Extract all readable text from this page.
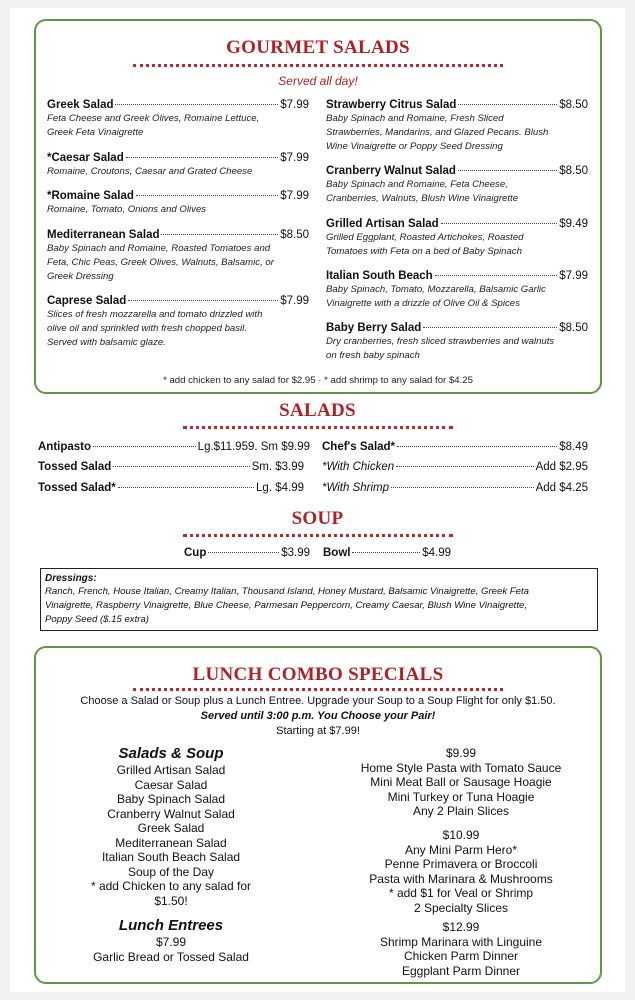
GOURMET SALADS
Served all day!
Greek Salad	$7.99
Feta Cheese and Greek Olives, Romaine Lettuce,
Greek Feta Vinaigrette
*Caesar Salad	$7.99
Romaine, Croutons, Caesar and Grated Cheese
*Romaine Salad	$7.99
Romaine, Tomato, Onions and Olives
Mediterranean Salad	$8.50
Baby Spinach and Romaine, Roasted Tomatoes and
Feta, Chic Peas, Greek Olives, Walnuts, Balsamic, or
Greek Dressing
Caprese Salad	$7.99
Slices of fresh mozzarella and tomato drizzled with
olive oil and sprinkled with fresh chopped basil.
Served with balsamic glaze.
Strawberry Citrus Salad	$8.50
Baby Spinach and Romaine, Fresh Sliced
Strawberries, Mandarins, and Glazed Pecans. Blush
Wine Vinaigrette or Poppy Seed Dressing
Cranberry Walnut Salad	$8.50
Baby Spinach and Romaine, Feta Cheese,
Cranberries, Walnuts, Blush Wine Vinaigrette
Grilled Artisan Salad	$9.49
Grilled Eggplant, Roasted Artichokes, Roasted
Tomatoes with Feta on a bed of Baby Spinach
Italian South Beach	$7.99
Baby Spinach, Tomato, Mozzarella, Balsamic Garlic
Vinaigrette with a drizzle of Olive Oil & Spices
Baby Berry Salad	$8.50
Dry cranberries, fresh sliced strawberries and walnuts
on fresh baby spinach
* add chicken to any salad for $2.95 · * add shrimp to any salad for $4.25
SALADS
Antipasto	Lg.$11.959. Sm $9.99
Tossed Salad	Sm. $3.99
Tossed Salad*	Lg. $4.99
Chef's Salad*	$8.49
*With Chicken	Add $2.95
*With Shrimp	Add $4.25
SOUP
Cup	$3.99 Bowl	$4.99
Dressings:
Ranch, French, House Italian, Creamy Italian, Thousand Island, Honey Mustard, Balsamic Vinaigrette, Greek Feta
Vinaigrette, Raspberry Vinaigrette, Blue Cheese, Parmesan Peppercorn, Creamy Caesar, Blush Wine Vinaigrette,
Poppy Seed ($.15 extra)
LUNCH COMBO SPECIALS
Choose a Salad or Soup plus a Lunch Entree. Upgrade your Soup to a Soup Flight for only $1.50.
Served until 3:00 p.m. You Choose your Pair!
Starting at $7.99!
Salads & Soup
Grilled Artisan Salad
Caesar Salad
Baby Spinach Salad
Cranberry Walnut Salad
Greek Salad
Mediterranean Salad
Italian South Beach Salad
Soup of the Day
* add Chicken to any salad for $1.50!
Lunch Entrees
$7.99
Garlic Bread or Tossed Salad
$9.99
Home Style Pasta with Tomato Sauce
Mini Meat Ball or Sausage Hoagie
Mini Turkey or Tuna Hoagie
Any 2 Plain Slices
$10.99
Any Mini Parm Hero*
Penne Primavera or Broccoli
Pasta with Marinara & Mushrooms
* add $1 for Veal or Shrimp
2 Specialty Slices
$12.99
Shrimp Marinara with Linguine
Chicken Parm Dinner
Eggplant Parm Dinner
